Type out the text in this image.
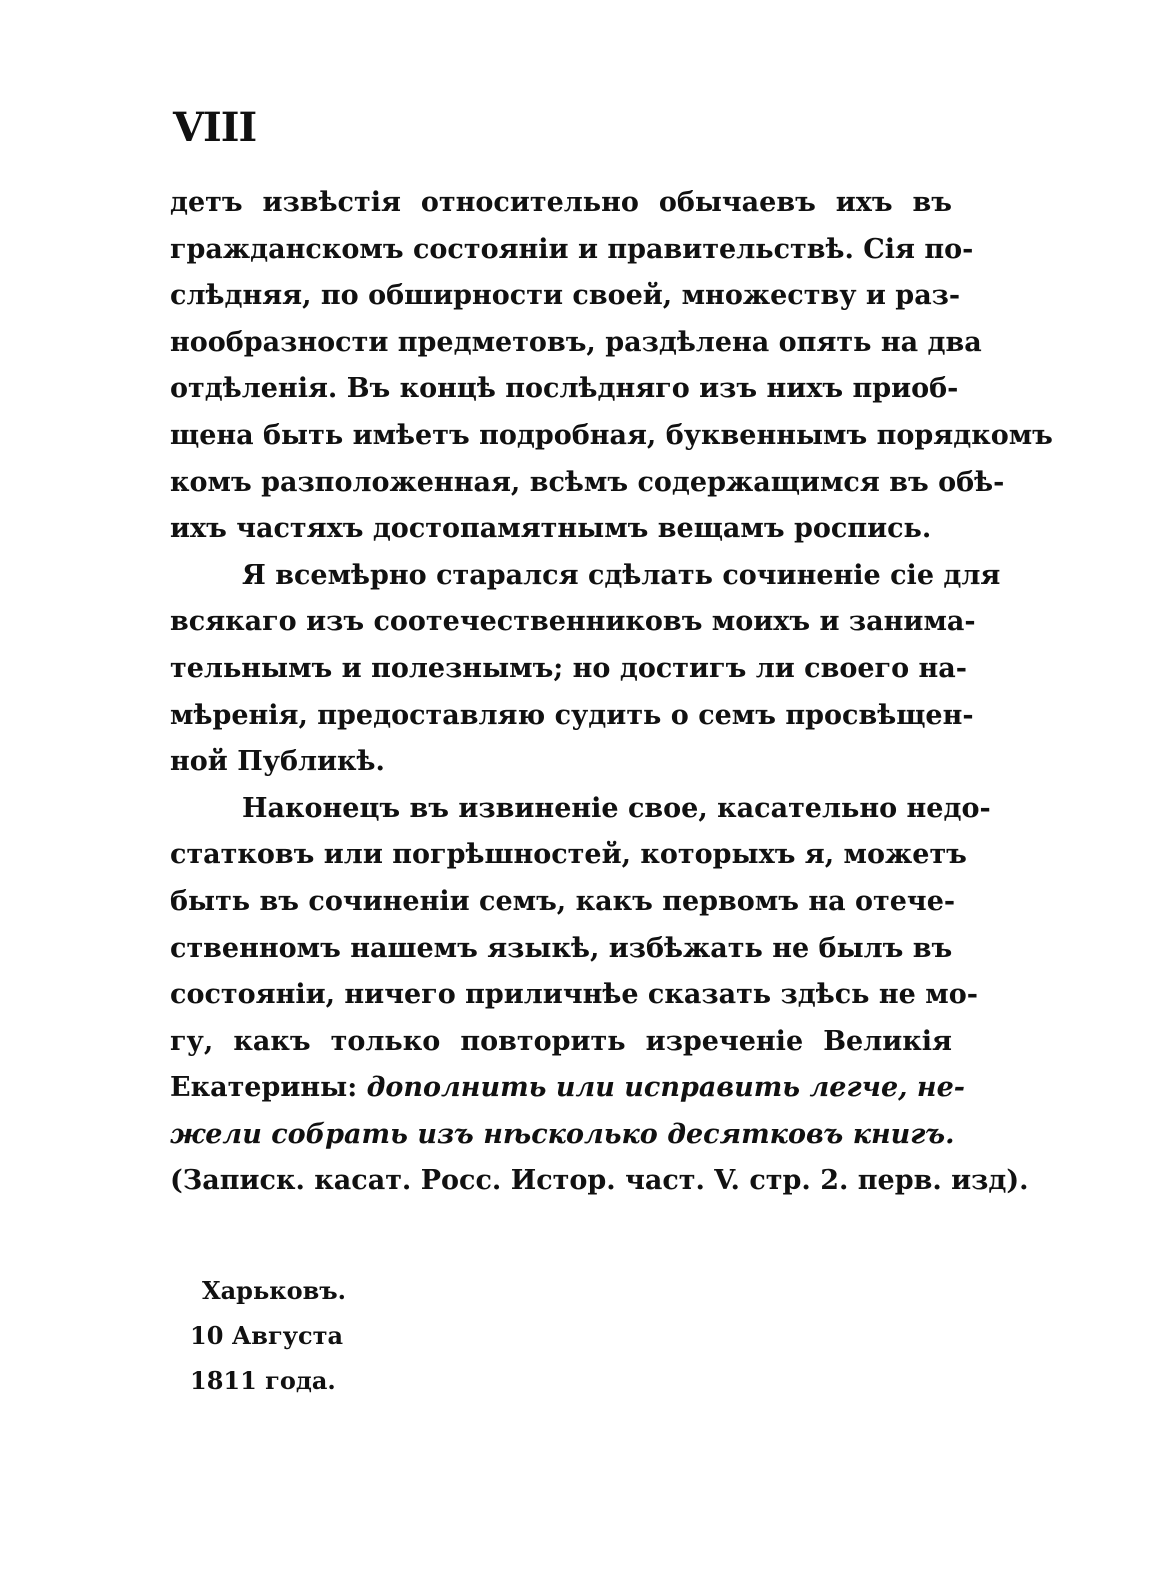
VIII
детъ извѣстія относительно обычаевъ ихъ въ
гражданскомъ состояніи и правительствѣ. Сія по-
слѣдняя, по обширности своей, множеству и раз-
нообразности предметовъ, раздѣлена опять на два
отдѣленія. Въ концѣ послѣдняго изъ нихъ приоб-
щена быть имѣетъ подробная, буквеннымъ порядкомъ
комъ разположенная, всѣмъ содержащимся въ обѣ-
ихъ частяхъ достопамятнымъ вещамъ роспись.
Я всемѣрно старался сдѣлать сочиненіе сіе для
всякаго изъ соотечественниковъ моихъ и занима-
тельнымъ и полезнымъ; но достигъ ли своего на-
мѣренія, предоставляю судить о семъ просвѣщен-
ной Публикѣ.
Наконецъ въ извиненіе свое, касательно недо-
статковъ или погрѣшностей, которыхъ я, можетъ
быть въ сочиненіи семъ, какъ первомъ на отече-
ственномъ нашемъ языкѣ, избѣжать не былъ въ
состояніи, ничего приличнѣе сказать здѣсь не мо-
гу, какъ только повторить изреченіе Великія
Екатерины: дополнить или исправить легче, не-
жели собрать изъ нѣсколько десятковъ книгъ.
(Записк. касат. Росс. Истор. част. V. стр. 2. перв. изд).
Харьковъ.
10 Августа
1811 года.
